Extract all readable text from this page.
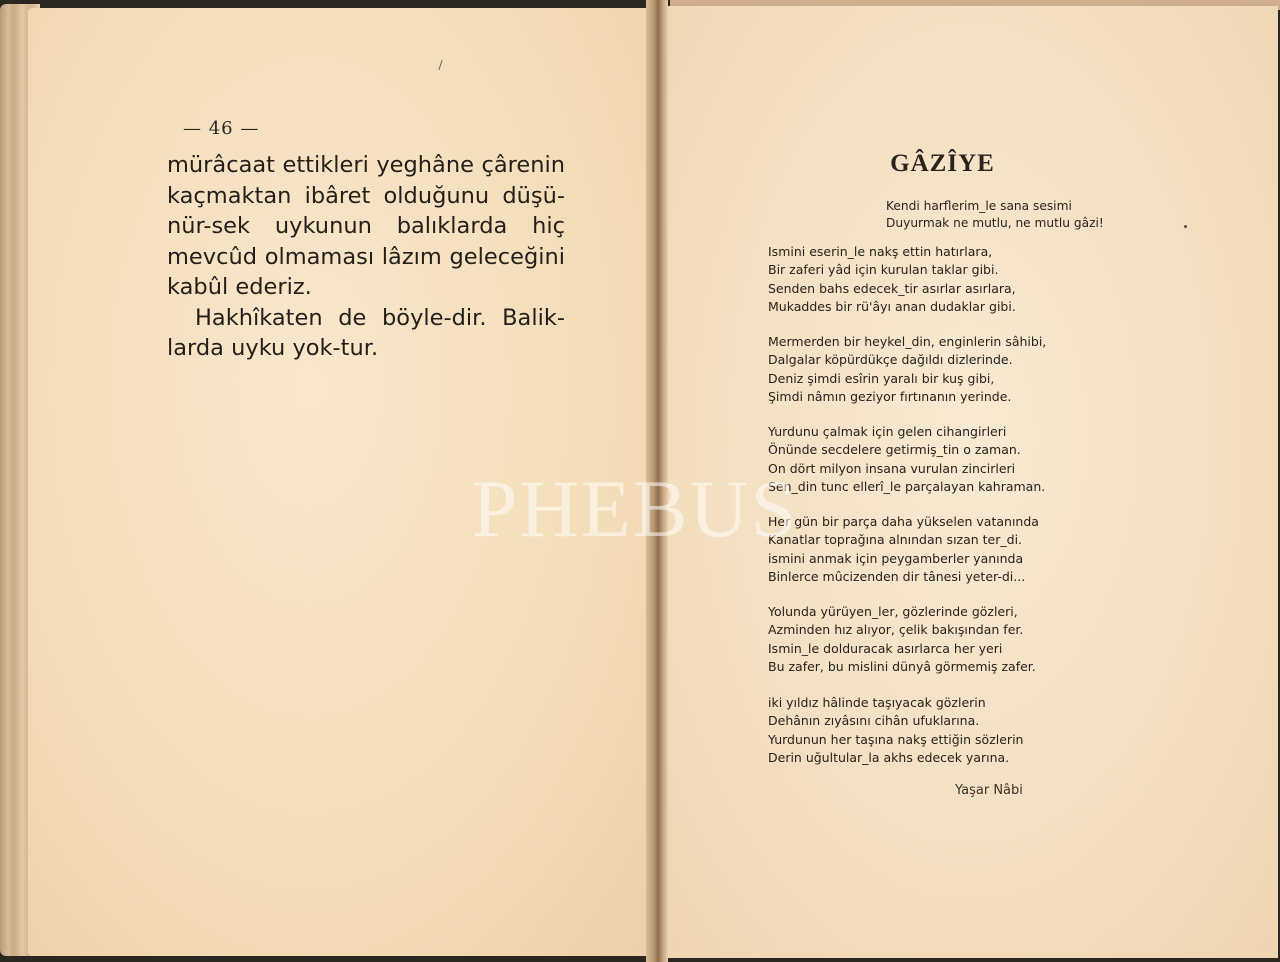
— 46 —
mürâcaat ettikleri yeghâne çârenin
kaçmaktan ibâret olduğunu düşü-
nür-sek uykunun balıklarda hiç
mevcûd olmaması lâzım geleceğini
kabûl ederiz.
Hakhîkaten de böyle-dir. Balik-
larda uyku yok-tur.
GÂZÎYE
Kendi harflerim_le sana sesimi
Duyurmak ne mutlu, ne mutlu gâzi!
Ismini eserin_le nakş ettin hatırlara,
Bir zaferi yâd için kurulan taklar gibi.
Senden bahs edecek_tir asırlar asırlara,
Mukaddes bir rü'âyı anan dudaklar gibi.
Mermerden bir heykel_din, enginlerin sâhibi,
Dalgalar köpürdükçe dağıldı dizlerinde.
Deniz şimdi esîrin yaralı bir kuş gibi,
Şimdi nâmın geziyor fırtınanın yerinde.
Yurdunu çalmak için gelen cihangirleri
Önünde secdelere getirmiş_tin o zaman.
On dört milyon insana vurulan zincirleri
Sen_din tunc ellerî_le parçalayan kahraman.
Her gün bir parça daha yükselen vatanında
Kanatlar toprağına alnından sızan ter_di.
ismini anmak için peygamberler yanında
Binlerce mûcizenden dir tânesi yeter-di...
Yolunda yürüyen_ler, gözlerinde gözleri,
Azminden hız alıyor, çelik bakışından fer.
Ismin_le dolduracak asırlarca her yeri
Bu zafer, bu mislini dünyâ görmemiş zafer.
iki yıldız hâlinde taşıyacak gözlerin
Dehânın zıyâsını cihân ufuklarına.
Yurdunun her taşına nakş ettiğin sözlerin
Derin uğultular_la akhs edecek yarına.
Yaşar Nâbi
PHEBUS
